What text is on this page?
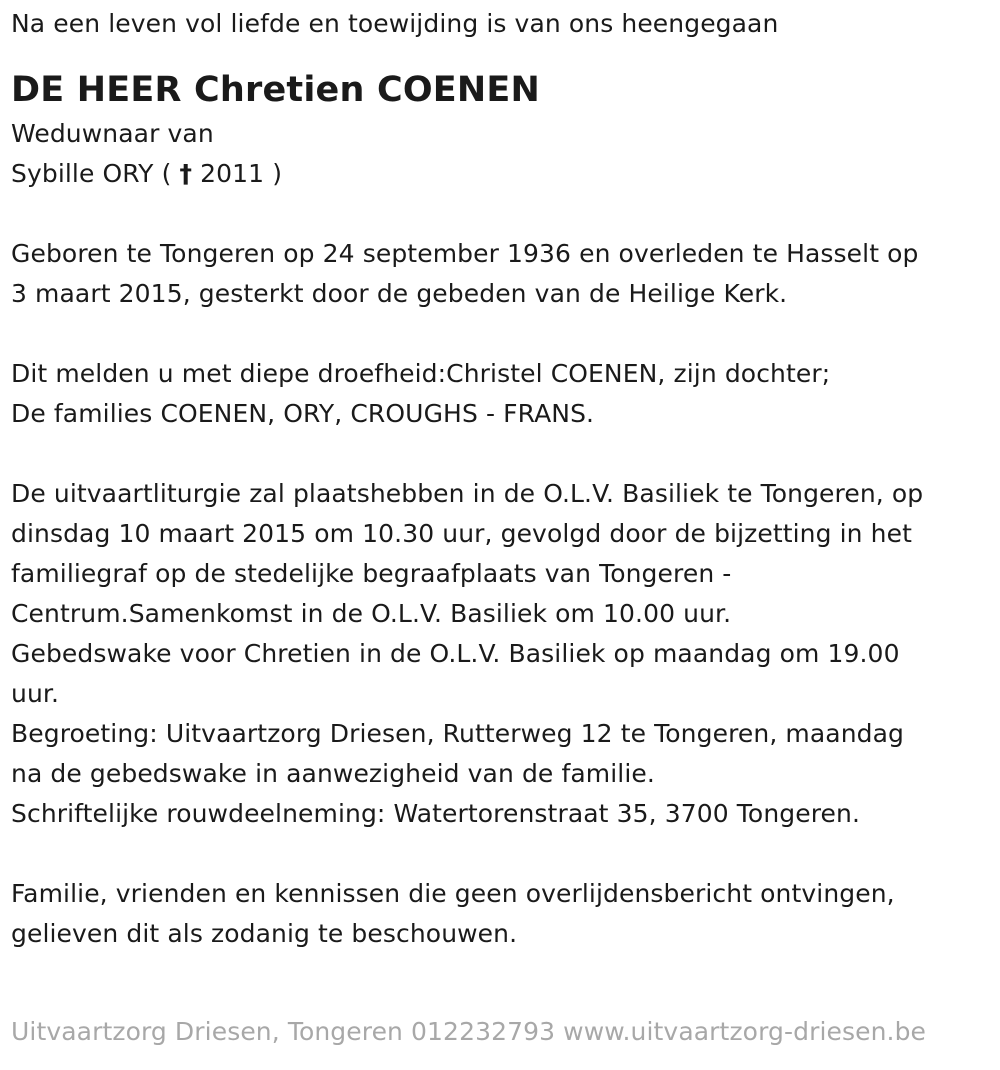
Na een leven vol liefde en toewijding is van ons heengegaan
DE HEER Chretien COENEN
Weduwnaar van
Sybille ORY ( † 2011 )
Geboren te Tongeren op 24 september 1936 en overleden te Hasselt op
3 maart 2015, gesterkt door de gebeden van de Heilige Kerk.
Dit melden u met diepe droefheid:Christel COENEN, zijn dochter;
De families COENEN, ORY, CROUGHS - FRANS.
De uitvaartliturgie zal plaatshebben in de O.L.V. Basiliek te Tongeren, op
dinsdag 10 maart 2015 om 10.30 uur, gevolgd door de bijzetting in het
familiegraf op de stedelijke begraafplaats van Tongeren -
Centrum.Samenkomst in de O.L.V. Basiliek om 10.00 uur.
Gebedswake voor Chretien in de O.L.V. Basiliek op maandag om 19.00
uur.
Begroeting: Uitvaartzorg Driesen, Rutterweg 12 te Tongeren, maandag
na de gebedswake in aanwezigheid van de familie.
Schriftelijke rouwdeelneming: Watertorenstraat 35, 3700 Tongeren.
Familie, vrienden en kennissen die geen overlijdensbericht ontvingen,
gelieven dit als zodanig te beschouwen.
Uitvaartzorg Driesen, Tongeren 012232793 www.uitvaartzorg-driesen.be
